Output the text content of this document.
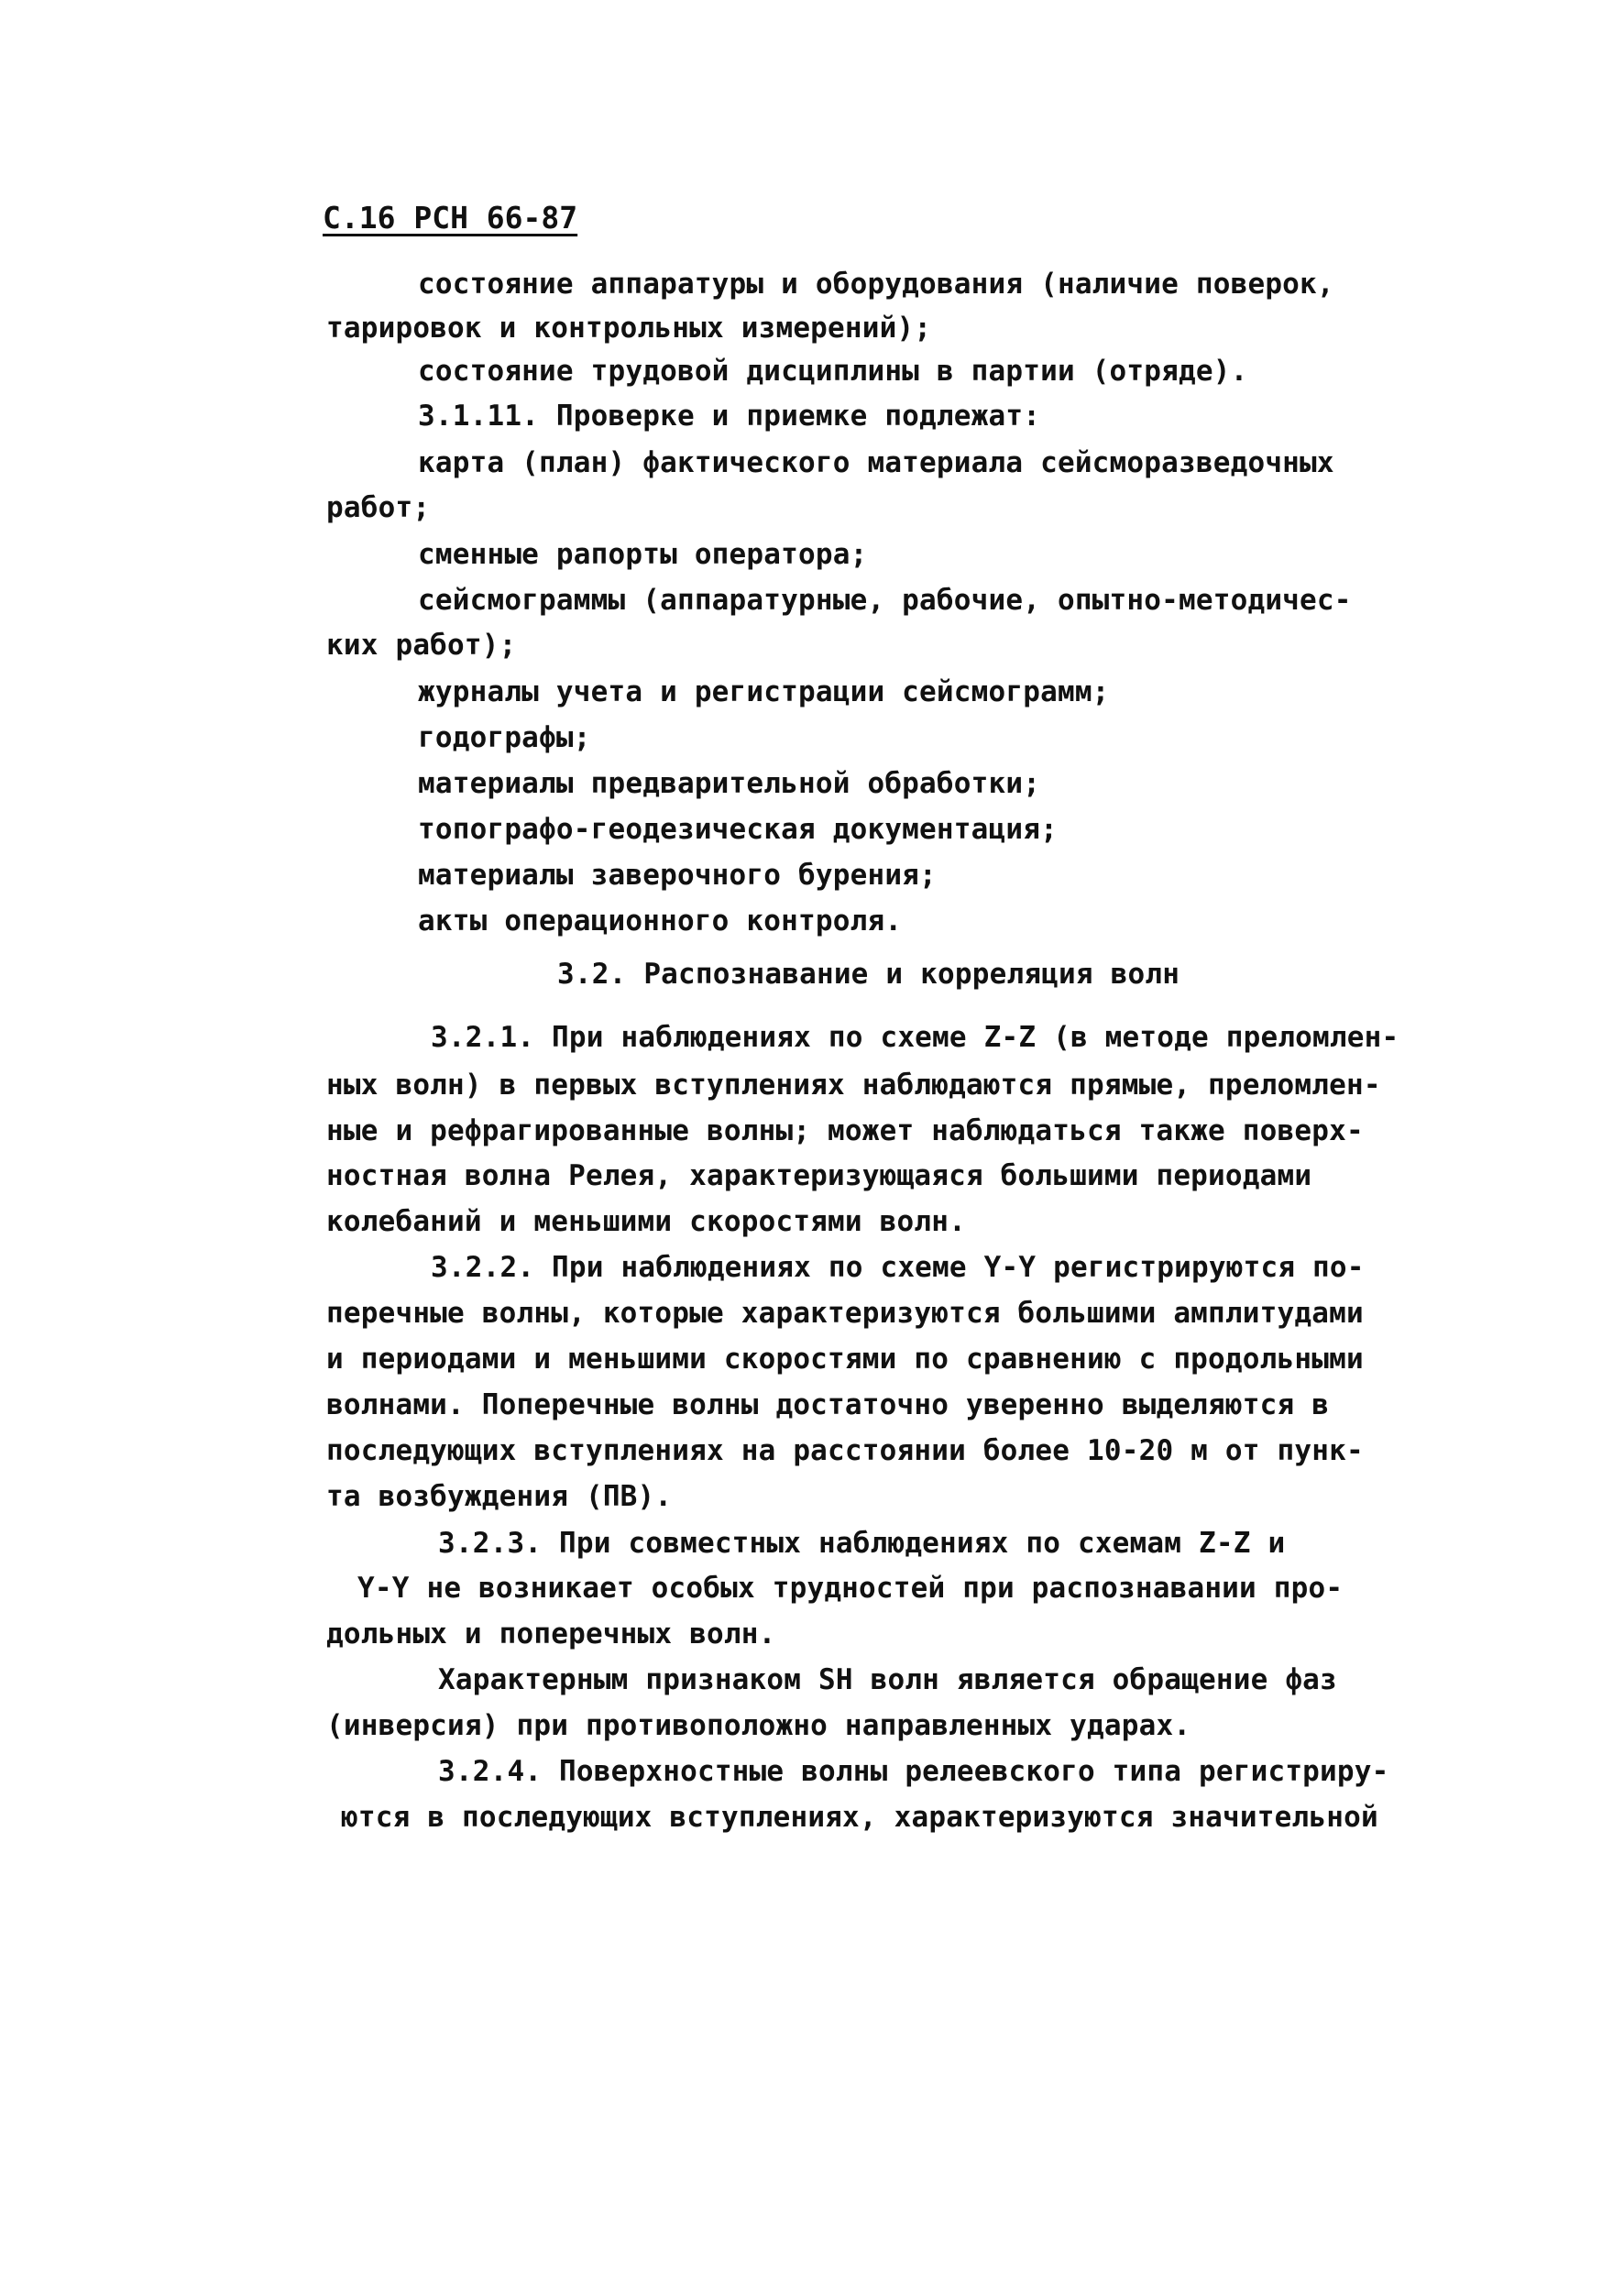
С.16 РСН 66-87
состояние аппаратуры и оборудования (наличие поверок,
тарировок и контрольных измерений);
состояние трудовой дисциплины в партии (отряде).
3.1.11. Проверке и приемке подлежат:
карта (план) фактического материала сейсморазведочных
работ;
сменные рапорты оператора;
сейсмограммы (аппаратурные, рабочие, опытно-методичес-
ких работ);
журналы учета и регистрации сейсмограмм;
годографы;
материалы предварительной обработки;
топографо-геодезическая документация;
материалы заверочного бурения;
акты операционного контроля.
3.2. Распознавание и корреляция волн
3.2.1. При наблюдениях по схеме Z-Z (в методе преломлен-
ных волн) в первых вступлениях наблюдаются прямые, преломлен-
ные и рефрагированные волны; может наблюдаться также поверх-
ностная волна Релея, характеризующаяся большими периодами
колебаний и меньшими скоростями волн.
3.2.2. При наблюдениях по схеме Y-Y регистрируются по-
перечные волны, которые характеризуются большими амплитудами
и периодами и меньшими скоростями по сравнению с продольными
волнами. Поперечные волны достаточно уверенно выделяются в
последующих вступлениях на расстоянии более 10-20 м от пунк-
та возбуждения (ПВ).
3.2.3. При совместных наблюдениях по схемам Z-Z и
Y-Y не возникает особых трудностей при распознавании про-
дольных и поперечных волн.
Характерным признаком SH волн является обращение фаз
(инверсия) при противоположно направленных ударах.
3.2.4. Поверхностные волны релеевского типа регистриру-
ются в последующих вступлениях, характеризуются значительной
